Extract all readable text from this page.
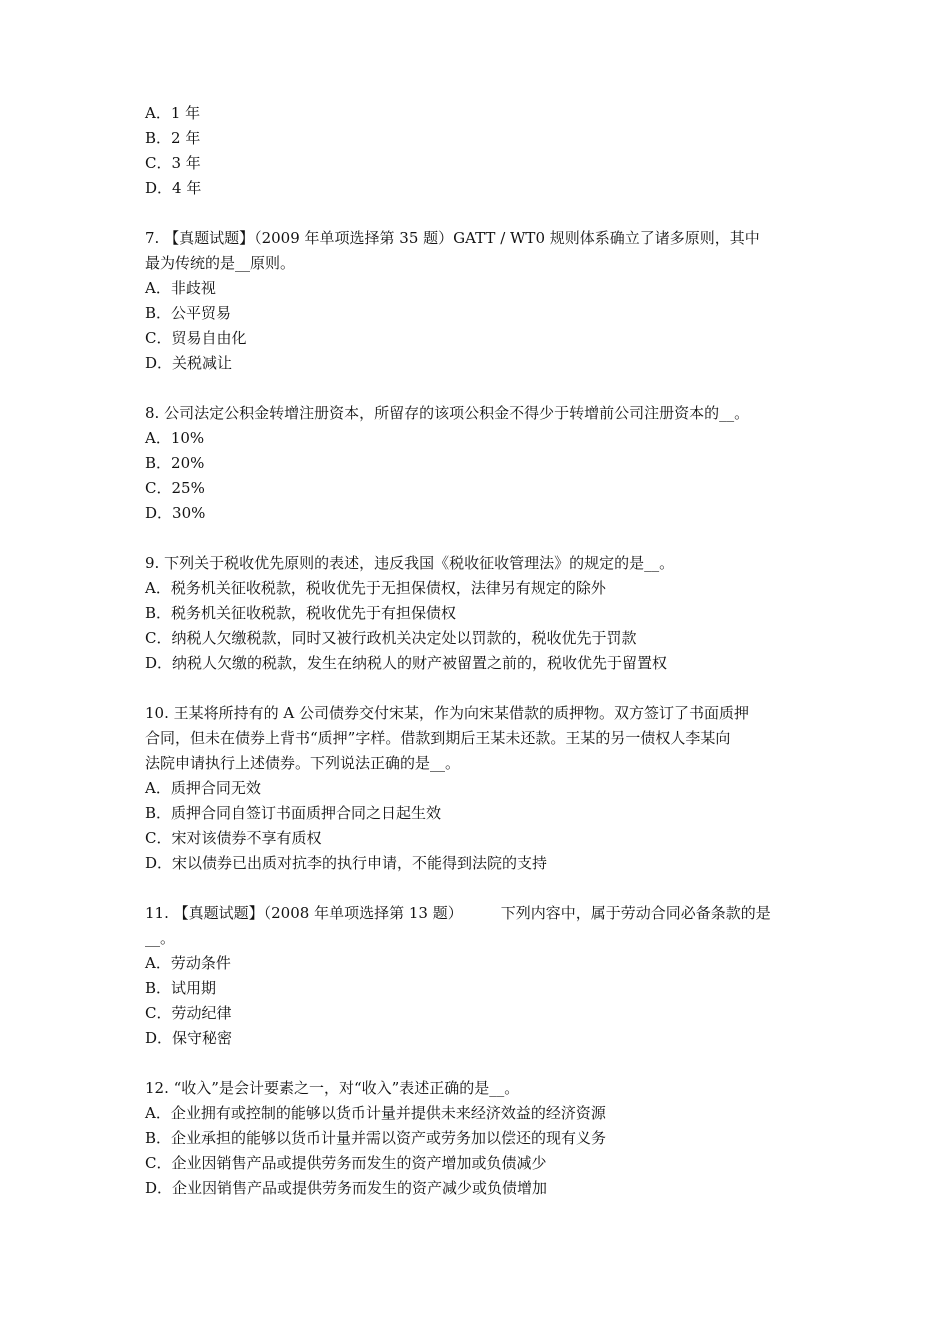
A．1 年
B．2 年
C．3 年
D．4 年
7. 【真题试题】（2009 年单项选择第 35 题）GATT / WT0 规则体系确立了诸多原则，其中
最为传统的是__原则。
A．非歧视
B．公平贸易
C．贸易自由化
D．关税减让
8. 公司法定公积金转增注册资本，所留存的该项公积金不得少于转增前公司注册资本的__。
A．10%
B．20%
C．25%
D．30%
9. 下列关于税收优先原则的表述，违反我国《税收征收管理法》的规定的是__。
A．税务机关征收税款，税收优先于无担保债权，法律另有规定的除外
B．税务机关征收税款，税收优先于有担保债权
C．纳税人欠缴税款，同时又被行政机关决定处以罚款的，税收优先于罚款
D．纳税人欠缴的税款，发生在纳税人的财产被留置之前的，税收优先于留置权
10. 王某将所持有的 A 公司债券交付宋某，作为向宋某借款的质押物。双方签订了书面质押
合同，但未在债券上背书“质押”字样。借款到期后王某未还款。王某的另一债权人李某向
法院申请执行上述债券。下列说法正确的是__。
A．质押合同无效
B．质押合同自签订书面质押合同之日起生效
C．宋对该债券不享有质权
D．宋以债券已出质对抗李的执行申请，不能得到法院的支持
11. 【真题试题】（2008 年单项选择第 13 题）	下列内容中，属于劳动合同必备条款的是
__。
A．劳动条件
B．试用期
C．劳动纪律
D．保守秘密
12. “收入”是会计要素之一，对“收入”表述正确的是__。
A．企业拥有或控制的能够以货币计量并提供未来经济效益的经济资源
B．企业承担的能够以货币计量并需以资产或劳务加以偿还的现有义务
C．企业因销售产品或提供劳务而发生的资产增加或负债减少
D．企业因销售产品或提供劳务而发生的资产减少或负债增加
